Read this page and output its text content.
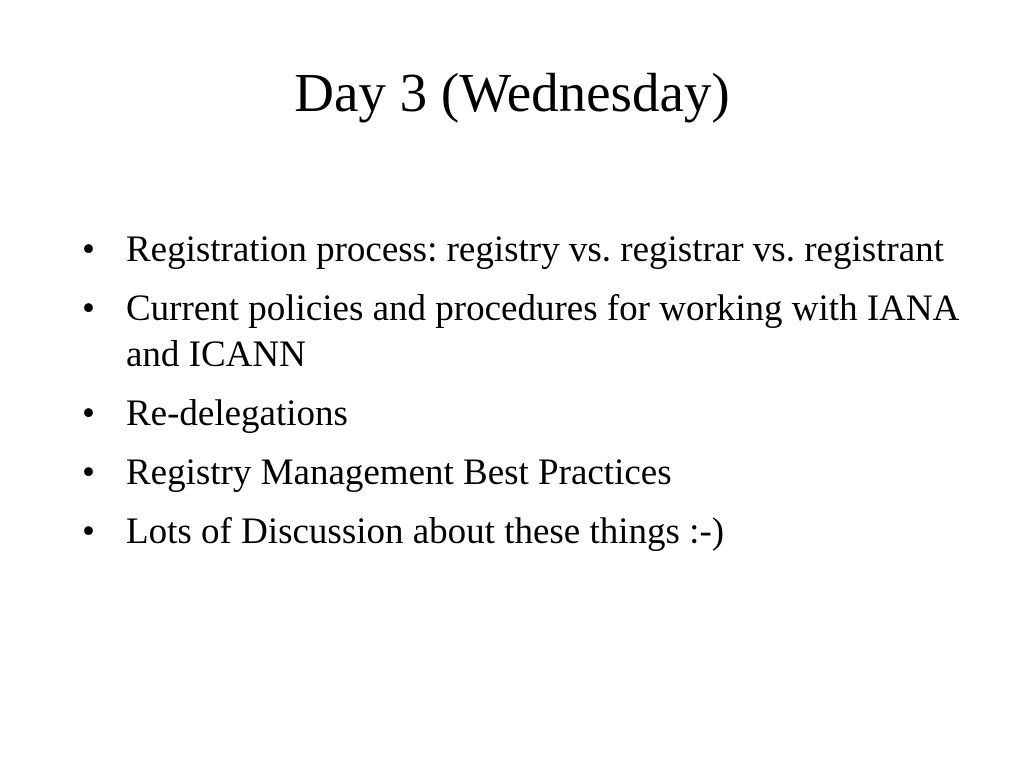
Day 3 (Wednesday)
• Registration process: registry vs. registrar vs. registrant
• Current policies and procedures for working with IANA and ICANN
• Re-delegations
• Registry Management Best Practices
• Lots of Discussion about these things :-)
